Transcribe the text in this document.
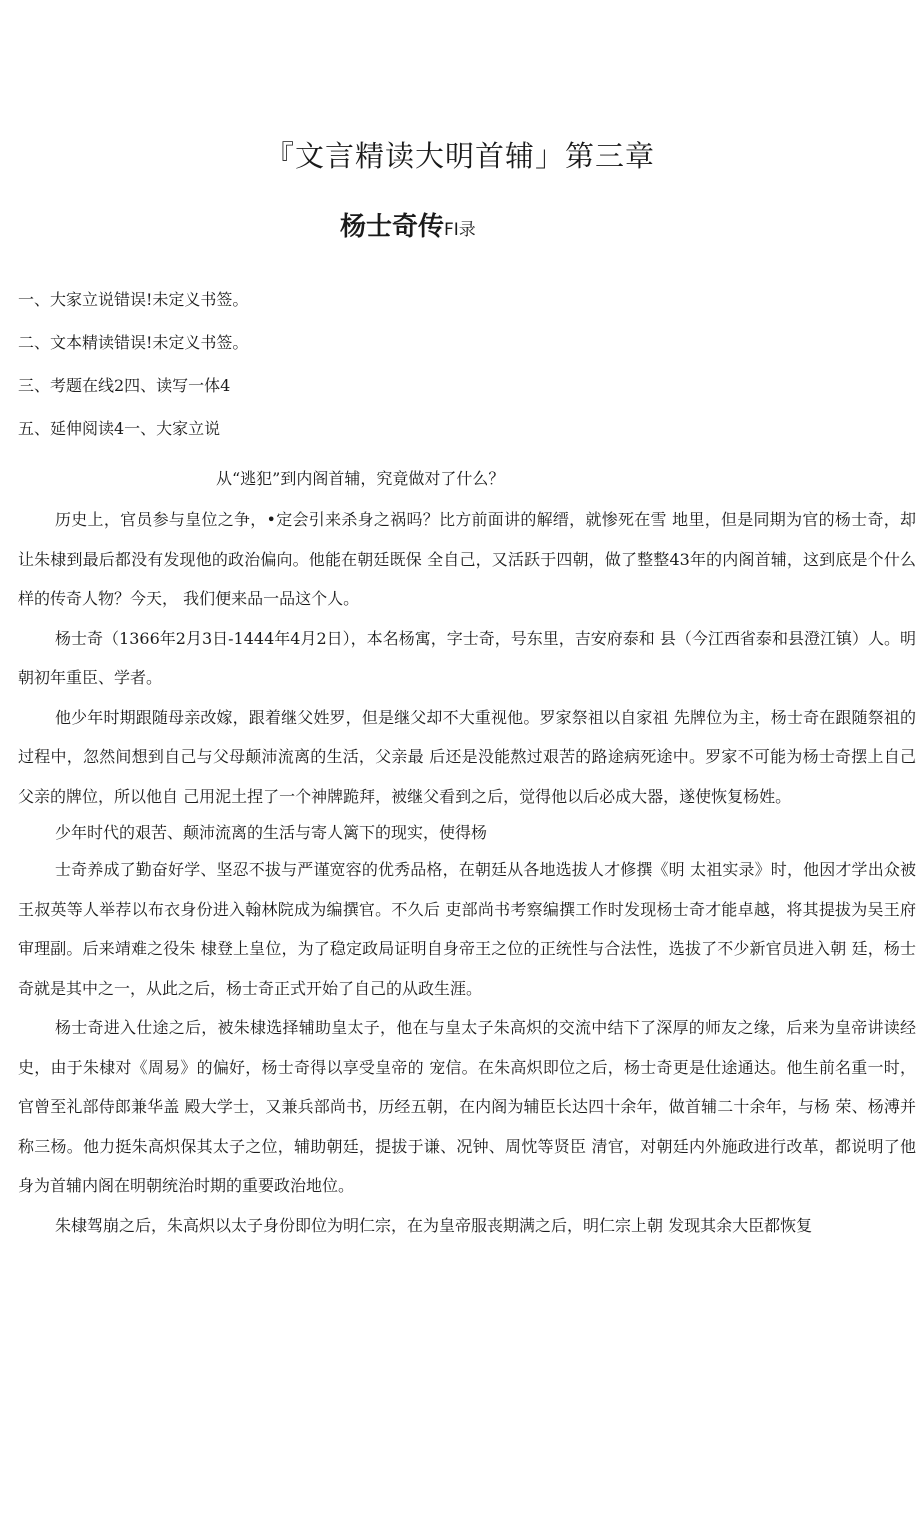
『文言精读大明首辅」第三章
杨士奇传FI录
一、大家立说错误!未定义书签。
二、文本精读错误!未定义书签。
三、考题在线2四、读写一体4
五、延伸阅读4一、大家立说
从“逃犯”到内阁首辅，究竟做对了什么？

历史上，官员参与皇位之争，•定会引来杀身之祸吗？比方前面讲的解缙，就惨死在雪 地里，但是同期为官的杨士奇，却让朱棣到最后都没有发现他的政治偏向。他能在朝廷既保 全自己，又活跃于四朝，做了整整43年的内阁首辅，这到底是个什么样的传奇人物？今天， 我们便来品一品这个人。

杨士奇（1366年2月3日-1444年4月2日），本名杨寓，字士奇，号东里，吉安府泰和 县（今江西省泰和县澄江镇）人。明朝初年重臣、学者。

他少年时期跟随母亲改嫁，跟着继父姓罗，但是继父却不大重视他。罗家祭祖以自家祖 先牌位为主，杨士奇在跟随祭祖的过程中，忽然间想到自己与父母颠沛流离的生活，父亲最 后还是没能熬过艰苦的路途病死途中。罗家不可能为杨士奇摆上自己父亲的牌位，所以他自 己用泥土捏了一个神牌跪拜，被继父看到之后，觉得他以后必成大器，遂使恢复杨姓。

少年时代的艰苦、颠沛流离的生活与寄人篱下的现实，使得杨

士奇养成了勤奋好学、坚忍不拔与严谨宽容的优秀品格，在朝廷从各地选拔人才修撰《明 太祖实录》时，他因才学出众被王叔英等人举荐以布衣身份进入翰林院成为编撰官。不久后 吏部尚书考察编撰工作时发现杨士奇才能卓越，将其提拔为吴王府审理副。后来靖难之役朱 棣登上皇位，为了稳定政局证明自身帝王之位的正统性与合法性，选拔了不少新官员进入朝 廷，杨士奇就是其中之一，从此之后，杨士奇正式开始了自己的从政生涯。

杨士奇进入仕途之后，被朱棣选择辅助皇太子，他在与皇太子朱高炽的交流中结下了深厚的师友之缘，后来为皇帝讲读经史，由于朱棣对《周易》的偏好，杨士奇得以享受皇帝的 宠信。在朱高炽即位之后，杨士奇更是仕途通达。他生前名重一时，官曾至礼部侍郎兼华盖 殿大学士，又兼兵部尚书，历经五朝，在内阁为辅臣长达四十余年，做首辅二十余年，与杨 荣、杨溥并称三杨。他力挺朱高炽保其太子之位，辅助朝廷，提拔于谦、况钟、周忱等贤臣 清官，对朝廷内外施政进行改革，都说明了他身为首辅内阁在明朝统治时期的重要政治地位。

朱棣驾崩之后，朱高炽以太子身份即位为明仁宗，在为皇帝服丧期满之后，明仁宗上朝 发现其余大臣都恢复
